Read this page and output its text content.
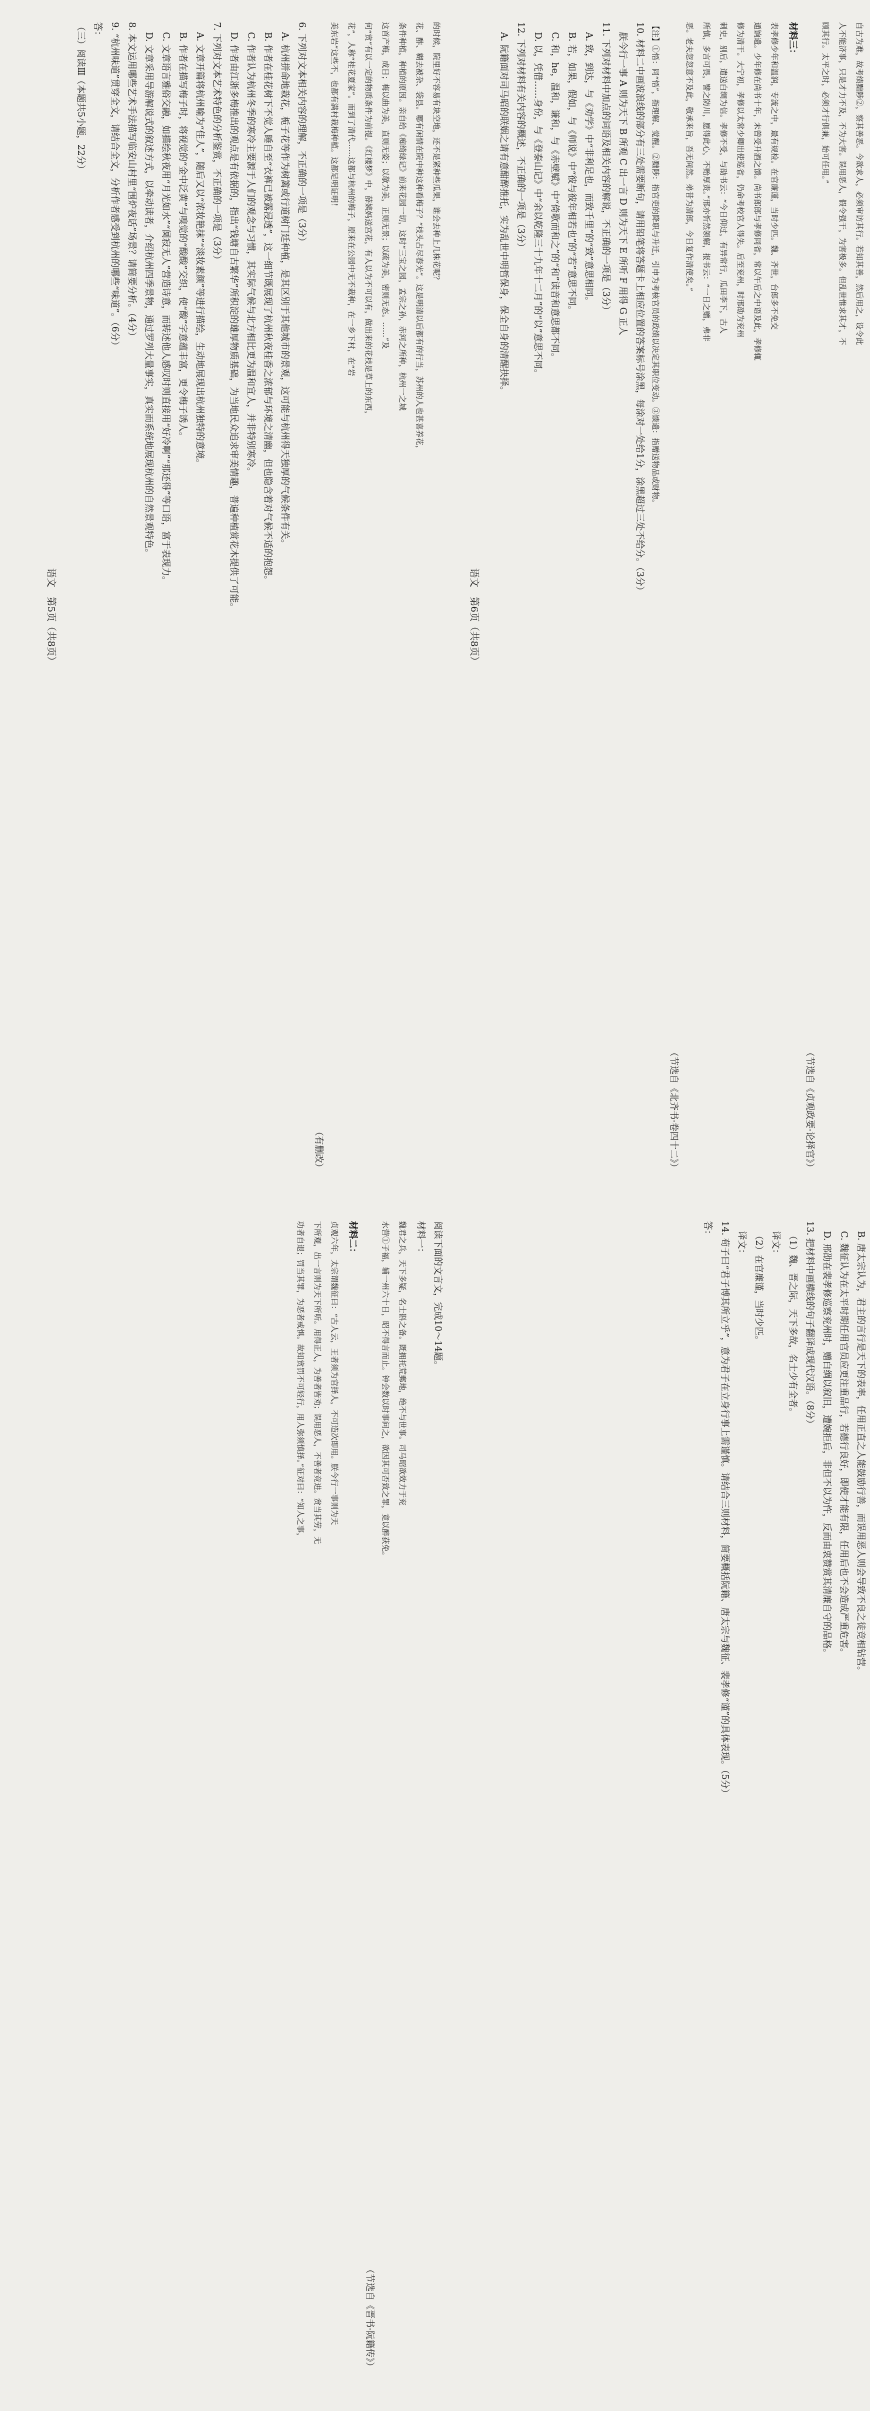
的时候，院里好不容易有块空地，还不是紧种些瓜果，谁会去种上几株花呢？

花、酢、糊去被杂、袋县。哪有闲情在院中种这种看梅子？“枝头占尽春光”。这是明清以后都有的行当，苏州的人也甚喜养花，

条件种植，种植的原因。亲自给《痴绮绿记》前来花园一切，这时“三宝之园，孟宗之孙，赤河之所种，杭州一之城

这首产梅，成日；梅以曲为美，直则无姿；以欹为美，正则无景；以疏为美，密则无态。……”及

何“赏”有以一定的物质条件为前提。《红楼梦》中，薛姨妈送宫花，有人以为不可以有，做出来的花枝是草上的东西，

花”，人称“桂花夏家”。而到了清代……这都与杭州的梅子，原来在公园中无不栽种，在一乡下村，在“岩

美东岩”这些不，也都有满村栽梅种植。这都足明证明！

（有删改）

6. 下列对文本相关内容的理解，不正确的一项是（3分）

A. 杭州拼命地栽花，栀子花等作为树篱或行道树门廷种植，是其区别于其他城市的景观，这可能与杭州得天独厚的气候条件有关。

B. 作者在桂花树下不觉人睡自至“衣裤已被露浸透”，这一细节既展现了杭州秋夜桂香之浓郁与环境之清幽，但也隐含着对气候不适的抱怨。

C. 作者认为杭州冬季的寒冷主要源于人们的观念与习惯，其实际气候与北方相比更为温和宜人，并非特别寒冷。

D. 作者由江浙多梅推出的观点是有依据的，指出“钱塘自古繁华”所积淀的雄厚物质基础，为当地民众追求审美情趣，普遍种植赏花木提供了可能。

7. 下列对文本艺术特色的分析鉴赏，不正确的一项是（3分）

A. 文章开篇将杭州喻为“佳人”，随后又以“浓妆艳抹”“淡妆素颜”等进行描绘，生动地展现出杭州独特的意境。

B. 作者在描写梅子时，将视觉的“金中泛黄”与嗅觉的“酸酸”交织，使“酸”字意蕴丰富，更令梅子诱人。

C. 文章语言雅俗交融，如描绘秋夜用“月光如水”“阒寂无人”营造诗意，而转述他人感叹时则直接用“好冷啊”“那还得”等口语，富于表现力。

D. 文章采用导游解说式的叙述方式，以牵动读者，介绍杭州四季景物，通过罗列大量事实，真实而系统地展现杭州的自然景观特色。

8. 本文运用哪些艺术手法描写临安山村里“围炉夜话”场景？请简要分析。（4分）

9. “杭州味道”贯穿全文，请结合全文，分析作者感受到杭州的哪些“味道”。（6分）

答：

（三）阅读Ⅲ（本题共5小题，22分）

阅读下面的文言文，完成10～14题。

材料一：

魏君之兵，天下多疑，名士斟之备。既拥托荒郵地，绝不与世事。司马昭欲效力于兖

水营①子福，辅一州六十日，昭不得言而止。钟会数以时事问之，欲因其可否致之罪，竟以醉获免。

（节选自《晋书·阮籍传》）

材料二：

贞观六年，太宗谓魏征曰：“古人云，王者须为官择人，不可造次即用。朕今行一事则为天

下所观，出一言则为天下所听。用得正人，为善者皆劝；误用恶人，不善者竞进。赏当其劳，无

功者自退；罚当其罪，为恶者戒惧。故知赏罚不可轻行，用人弥须慎择。”征对曰：“知人之事，

语文　第5页（共8页）

自古为难，故考绩黜陟②，察其善恶。今欲求人，必须审访其行。若知其善，然后用之，设令此

人不能济事，只是才力不及，不为大害。误用恶人，假令强干，为害极多。但乱世惟求其才，不

顾其行。太平之时，必须才行俱兼，始可任用。”

（节选自《贞观政要·论择官》）

材料三：

表孝修少年和温润，专流之中，最有规检。在官廉谨，当时少匹。魏、齐世，台郎多不免交

通饷遗。少年修在尚书十年，未曾受升酒之馈。尚书郎郎与孝修同省，常以午后之中语及此，孝修辄

修为清干。大宁初，孝修以太常少卿出使巡省，仍命考校官人得失。后至兖州，时邢劭为兖州

刺史，别后，遣送白绸为信。孝修不受，与劭书云：“今日仰过，有异常行，瓜田李下，古人

所慎，多言可畏，譬之防川，愿得此心，不贻厚责。”邢亦忻然领解，报书云：“一日之赠，弗非

恶。老夫忽忽意不及此，敬承来旨，吾无间然。弟昔为清郎，今日复作清使矣。”

（节选自《北齐书·卷四十二》）

【注】①悟：同“悟”，指理解、觉醒。②黜陟：指官吏的降职与升迁，引申为考核官员的政绩以决定其职位变动。③馈遗：指赠送物品或财物。

10. 材料二中画波浪线的部分有三处需要断句，请用铅笔将答题卡上相应位置的答案标号涂黑，每涂对一处给1分，涂黑超过三处不给分。（3分）

朕今行一事 A 则为天下 B 所观 C 出一言 D 则为天下 E 所听 F 用得 G 正人

11. 下列对材料中加点的词语及相关内容的解说，不正确的一项是（3分）

A. 致，到达，与《劝学》中“非利足也，而致千里”的“致”意思相同。

B. 若，如果，假如，与《师说》中“彼与彼年相若也”的“若”意思不同。

C. 和，he，温和，谦和，与《赤壁赋》中“倚歌而和之”的“和”读音和意思都不同。

D. 以，凭借……身份，与《登泰山记》中“余以乾隆三十九年十二月”的“以”意思不同。

12. 下列对材料有关内容的概述，不正确的一项是（3分）

A. 阮籍面对司马昭的联姻之请有意酣醉推托，实为乱世中明哲保身，保全自身的清醒抉择。

B. 唐太宗认为，君主的言行是天下的表率，任用正直之人能鼓励行善，而误用恶人则会导致不良之徒竞相钻营。

C. 魏征认为在太平时期任用官员应更注重品行，若德行良好，即使才能有限，任用后也不会造成严重危害。

D. 邢劭在裴孝修巡察兖州时，赠白绸以叙旧，遭婉拒后，非但不以为忤，反而由衷赞赏其清廉自守的品格。

13. 把材料中画横线的句子翻译成现代汉语。（8分）

（1）魏、晋之际，天下多故，名士少有全者。

译文：

（2）在官廉谨，当时少匹。

译文：

14. 荀子曰“君子博其所立乎”，意为君子在立身行事上需谨慎。请结合三则材料，简要概括阮籍、唐太宗与魏征、裴孝修“谨”的具体表现。（5分）

答：

语文　第6页（共8页）
